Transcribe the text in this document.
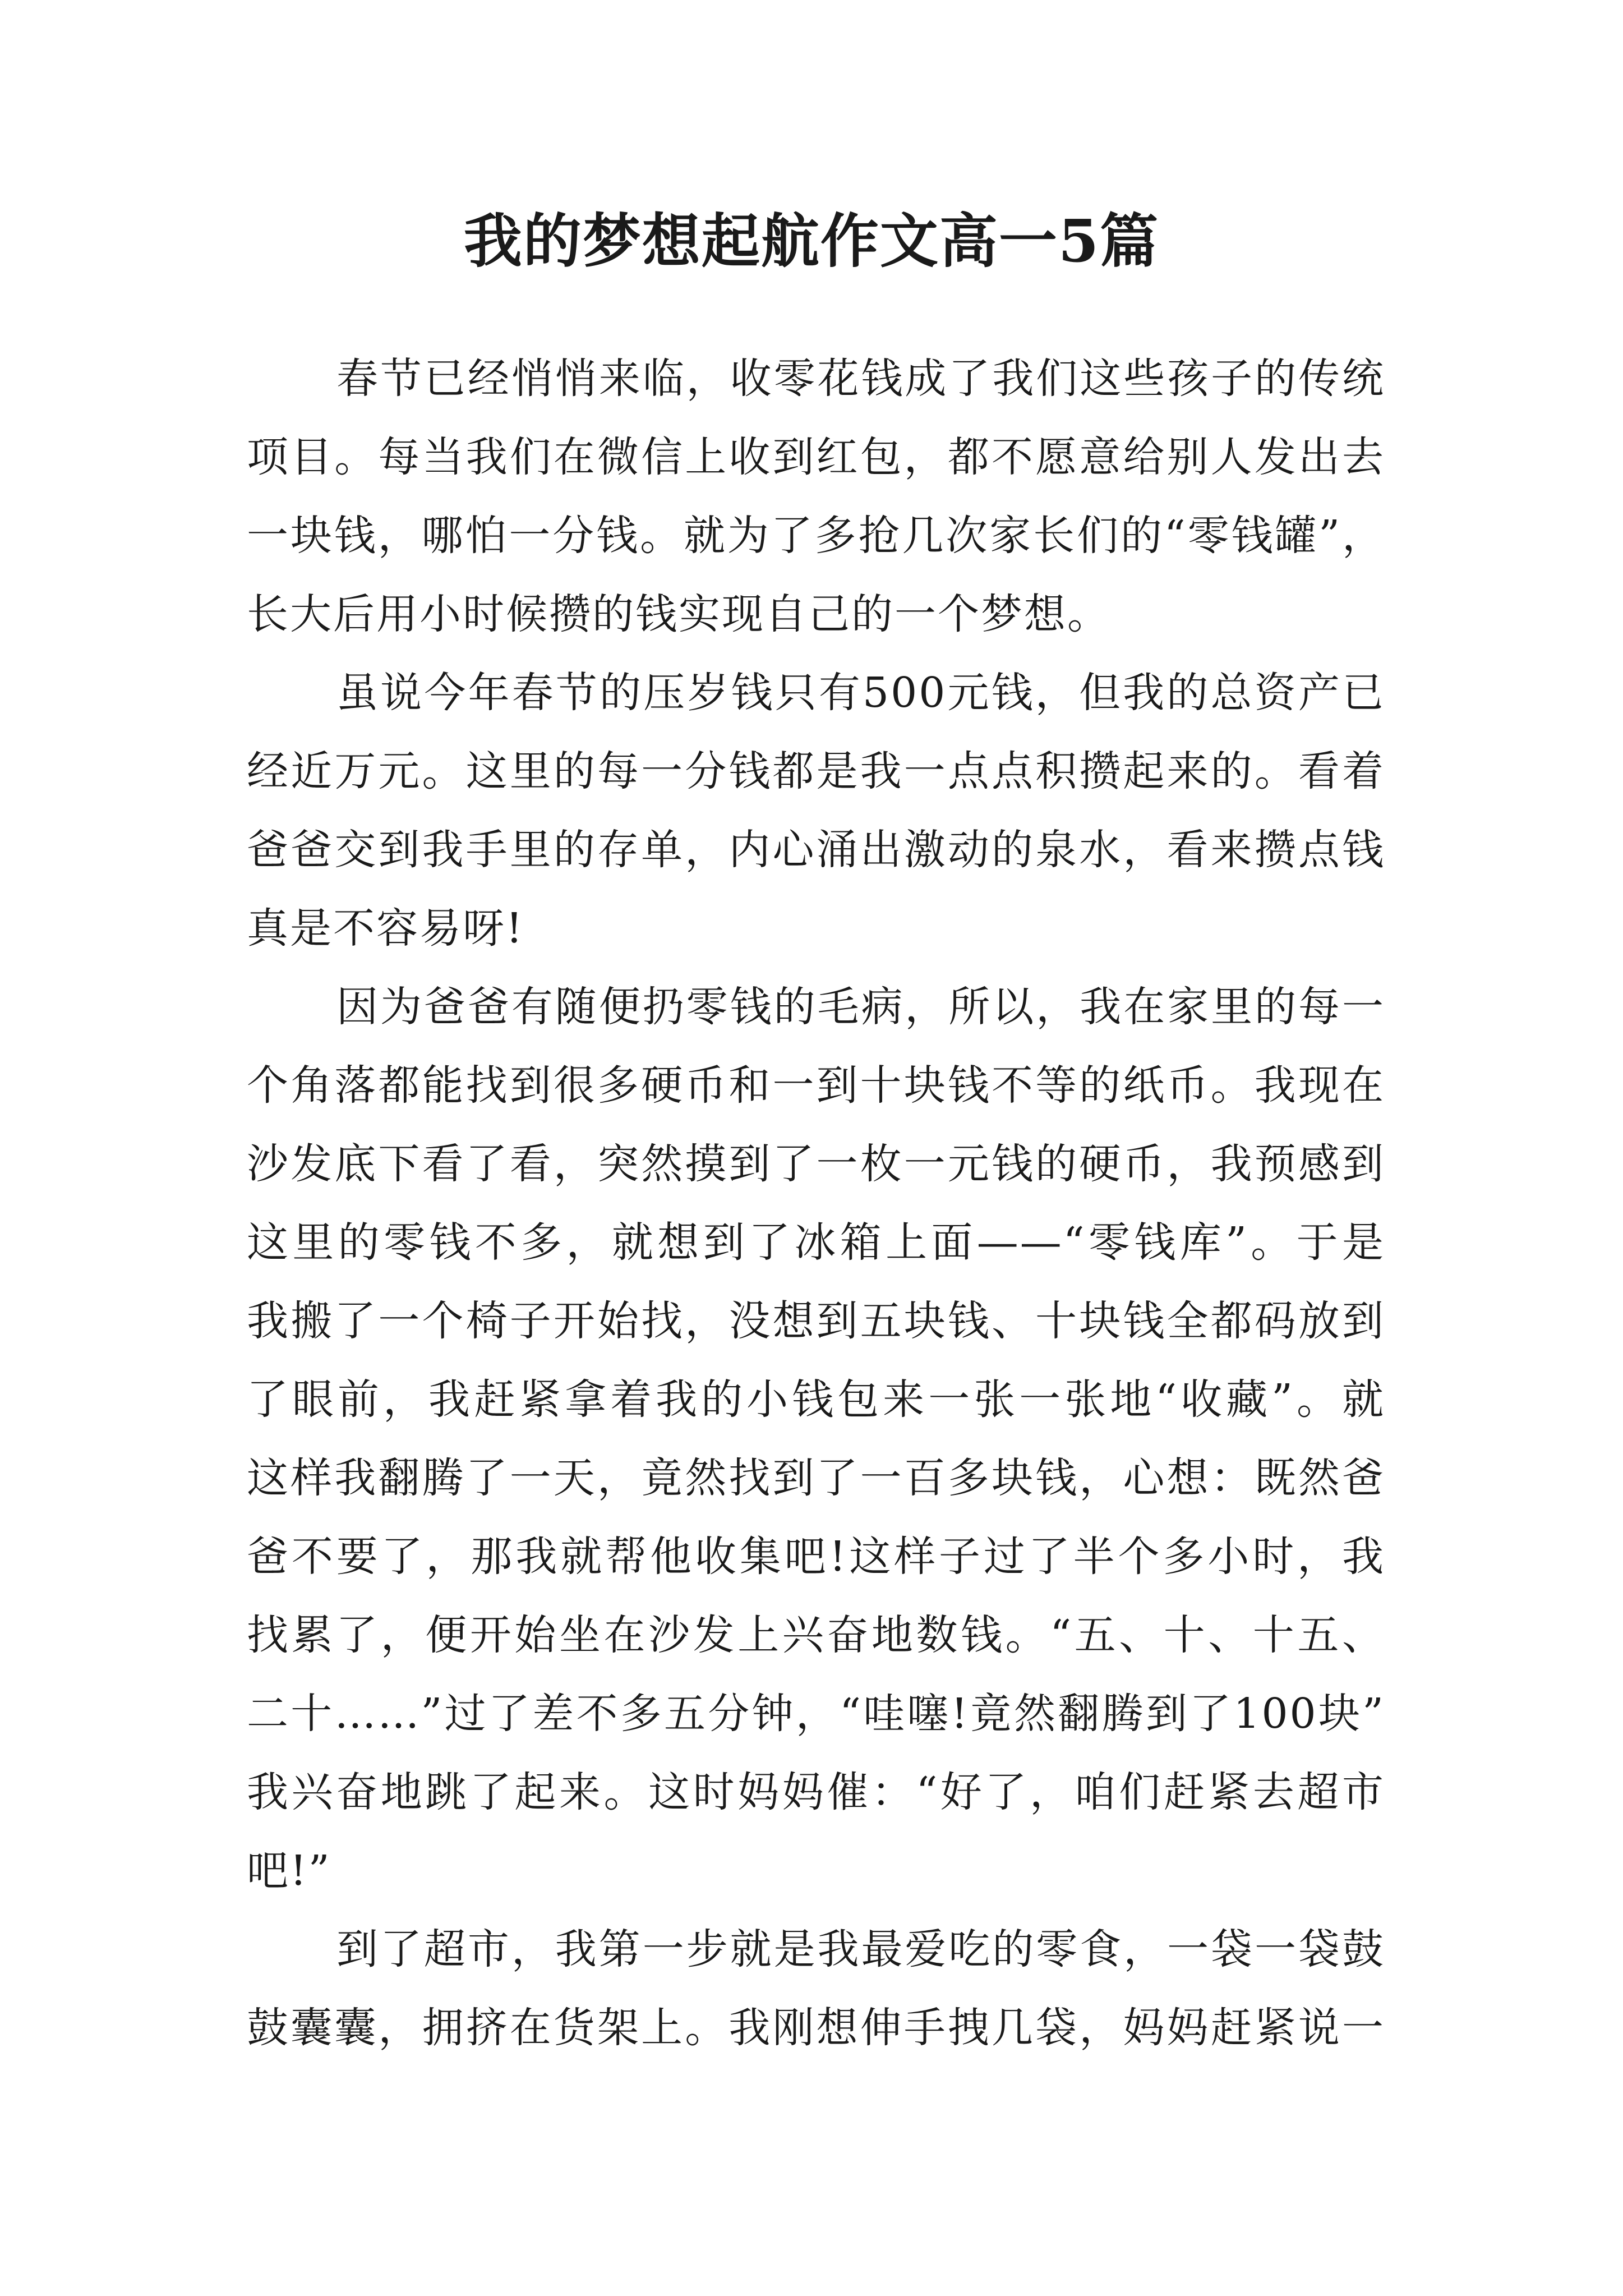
我的梦想起航作文高一5篇
春节已经悄悄来临，收零花钱成了我们这些孩子的传统
项目。每当我们在微信上收到红包，都不愿意给别人发出去
一块钱，哪怕一分钱。就为了多抢几次家长们的“零钱罐”，
长大后用小时候攒的钱实现自己的一个梦想。
虽说今年春节的压岁钱只有500元钱，但我的总资产已
经近万元。这里的每一分钱都是我一点点积攒起来的。看着
爸爸交到我手里的存单，内心涌出激动的泉水，看来攒点钱
真是不容易呀!
因为爸爸有随便扔零钱的毛病，所以，我在家里的每一
个角落都能找到很多硬币和一到十块钱不等的纸币。我现在
沙发底下看了看，突然摸到了一枚一元钱的硬币，我预感到
这里的零钱不多，就想到了冰箱上面——“零钱库”。于是
我搬了一个椅子开始找，没想到五块钱、十块钱全都码放到
了眼前，我赶紧拿着我的小钱包来一张一张地“收藏”。就
这样我翻腾了一天，竟然找到了一百多块钱，心想：既然爸
爸不要了，那我就帮他收集吧!这样子过了半个多小时，我
找累了，便开始坐在沙发上兴奋地数钱。“五、十、十五、
二十……”过了差不多五分钟，“哇噻!竟然翻腾到了100块”
我兴奋地跳了起来。这时妈妈催：“好了，咱们赶紧去超市
吧!”
到了超市，我第一步就是我最爱吃的零食，一袋一袋鼓
鼓囊囊，拥挤在货架上。我刚想伸手拽几袋，妈妈赶紧说一
